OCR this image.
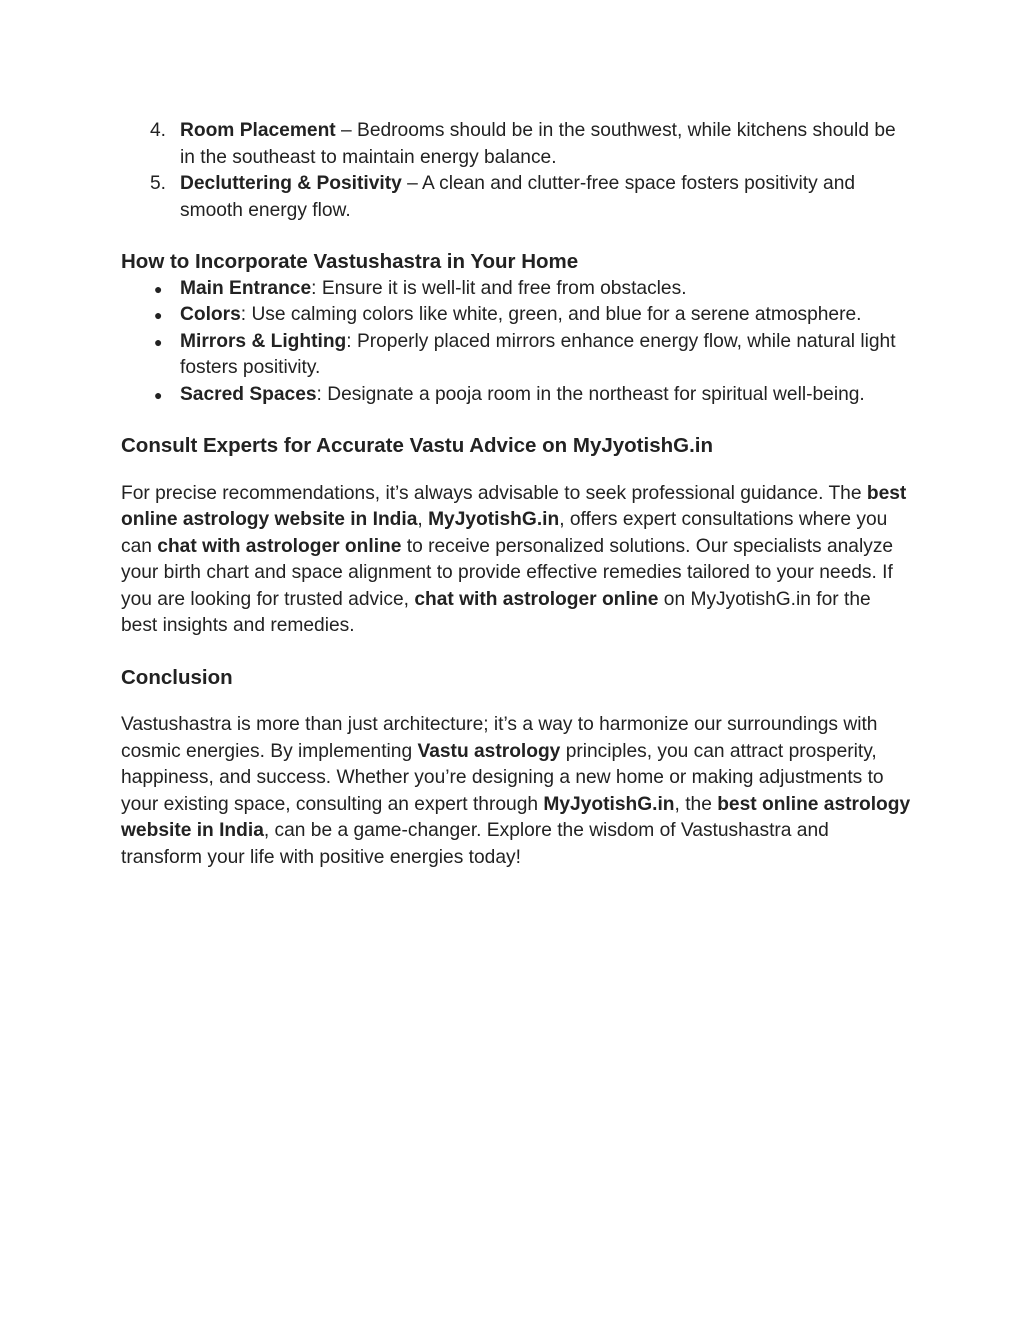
4. Room Placement – Bedrooms should be in the southwest, while kitchens should be in the southeast to maintain energy balance.
5. Decluttering & Positivity – A clean and clutter-free space fosters positivity and smooth energy flow.
How to Incorporate Vastushastra in Your Home
● Main Entrance: Ensure it is well-lit and free from obstacles.
● Colors: Use calming colors like white, green, and blue for a serene atmosphere.
● Mirrors & Lighting: Properly placed mirrors enhance energy flow, while natural light fosters positivity.
● Sacred Spaces: Designate a pooja room in the northeast for spiritual well-being.
Consult Experts for Accurate Vastu Advice on MyJyotishG.in

For precise recommendations, it’s always advisable to seek professional guidance. The best online astrology website in India, MyJyotishG.in, offers expert consultations where you can chat with astrologer online to receive personalized solutions. Our specialists analyze your birth chart and space alignment to provide effective remedies tailored to your needs. If you are looking for trusted advice, chat with astrologer online on MyJyotishG.in for the best insights and remedies.

Conclusion

Vastushastra is more than just architecture; it’s a way to harmonize our surroundings with cosmic energies. By implementing Vastu astrology principles, you can attract prosperity, happiness, and success. Whether you’re designing a new home or making adjustments to your existing space, consulting an expert through MyJyotishG.in, the best online astrology website in India, can be a game-changer. Explore the wisdom of Vastushastra and transform your life with positive energies today!
